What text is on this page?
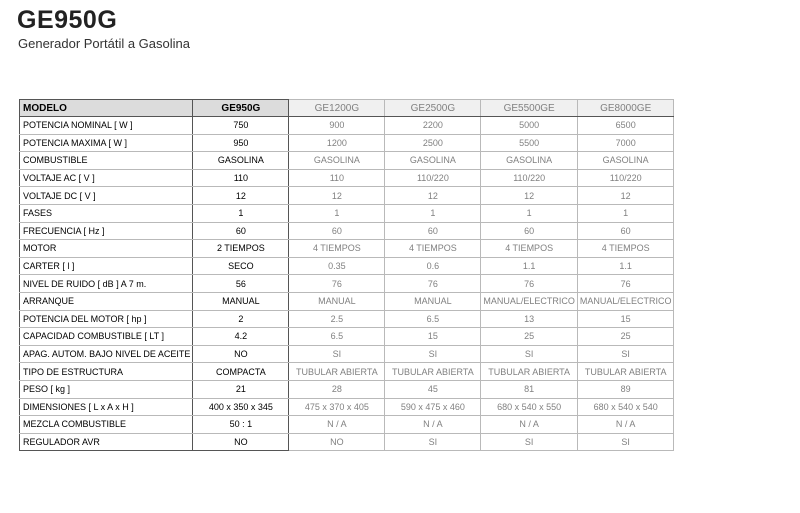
GE950G
Generador Portátil a Gasolina
MODELO	GE950G	GE1200G	GE2500G	GE5500GE	GE8000GE
POTENCIA NOMINAL [ W ]	750	900	2200	5000	6500
POTENCIA MAXIMA [ W ]	950	1200	2500	5500	7000
COMBUSTIBLE	GASOLINA	GASOLINA	GASOLINA	GASOLINA	GASOLINA
VOLTAJE AC [ V ]	110	110	110/220	110/220	110/220
VOLTAJE DC [ V ]	12	12	12	12	12
FASES	1	1	1	1	1
FRECUENCIA [ Hz ]	60	60	60	60	60
MOTOR	2 TIEMPOS	4 TIEMPOS	4 TIEMPOS	4 TIEMPOS	4 TIEMPOS
CARTER [ l ]	SECO	0.35	0.6	1.1	1.1
NIVEL DE RUIDO [ dB ] A 7 m.	56	76	76	76	76
ARRANQUE	MANUAL	MANUAL	MANUAL	MANUAL/ELECTRICO	MANUAL/ELECTRICO
POTENCIA DEL MOTOR [ hp ]	2	2.5	6.5	13	15
CAPACIDAD COMBUSTIBLE [ LT ]	4.2	6.5	15	25	25
APAG. AUTOM. BAJO NIVEL DE ACEITE	NO	SI	SI	SI	SI
TIPO DE ESTRUCTURA	COMPACTA	TUBULAR ABIERTA	TUBULAR ABIERTA	TUBULAR ABIERTA	TUBULAR ABIERTA
PESO [ kg ]	21	28	45	81	89
DIMENSIONES [ L x A x H ]	400 x 350 x 345	475 x 370 x 405	590 x 475 x 460	680 x 540 x 550	680 x 540 x 540
MEZCLA COMBUSTIBLE	50 : 1	N / A	N / A	N / A	N / A
REGULADOR AVR	NO	NO	SI	SI	SI
